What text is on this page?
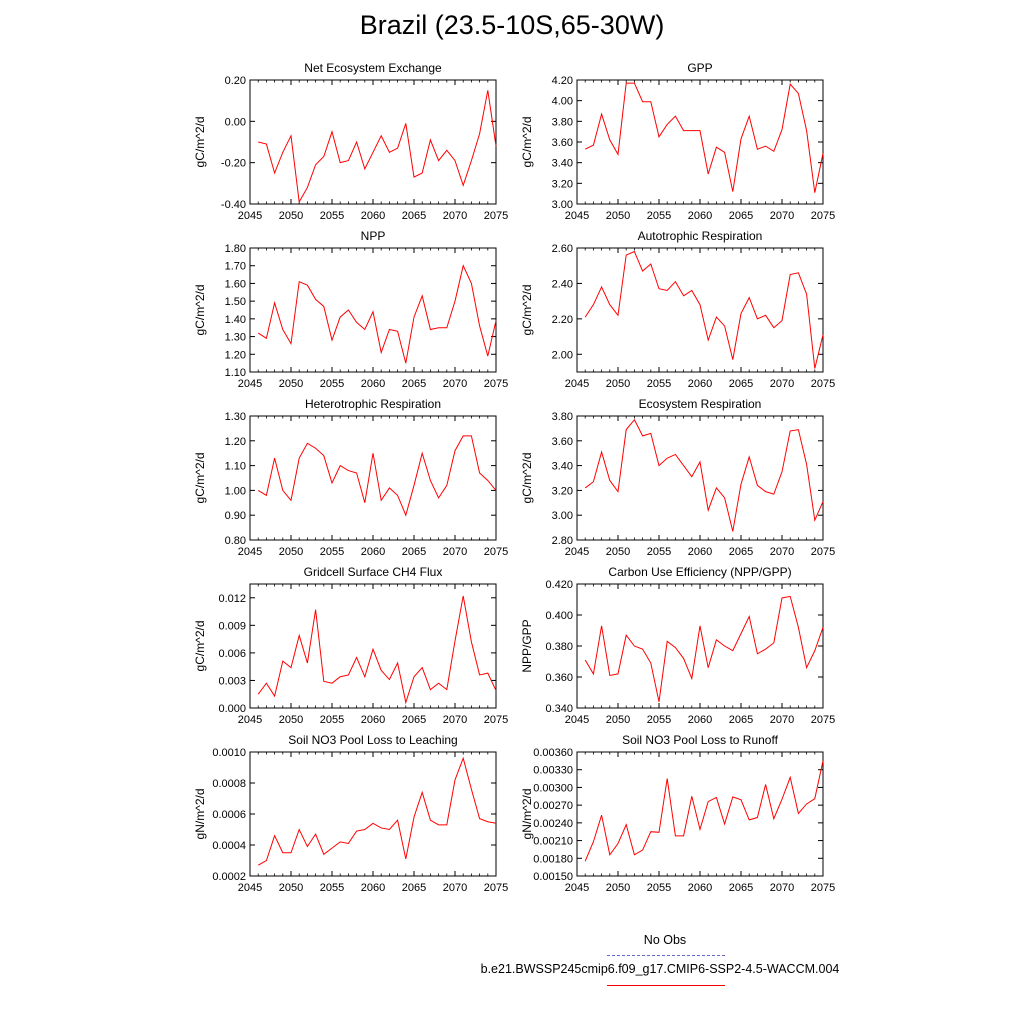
Brazil (23.5-10S,65-30W)
Net Ecosystem Exchange
gC/m^2/d
2045 2050 2055 2060 2065 2070 2075
-0.40
-0.20
0.00
0.20
GPP
gC/m^2/d
2045 2050 2055 2060 2065 2070 2075
3.00
3.20
3.40
3.60
3.80
4.00
4.20
NPP
gC/m^2/d
2045 2050 2055 2060 2065 2070 2075
1.10
1.20
1.30
1.40
1.50
1.60
1.70
1.80
Autotrophic Respiration
gC/m^2/d
2045 2050 2055 2060 2065 2070 2075
2.00
2.20
2.40
2.60
Heterotrophic Respiration
gC/m^2/d
2045 2050 2055 2060 2065 2070 2075
0.80
0.90
1.00
1.10
1.20
1.30
Ecosystem Respiration
gC/m^2/d
2045 2050 2055 2060 2065 2070 2075
2.80
3.00
3.20
3.40
3.60
3.80
Gridcell Surface CH4 Flux
gC/m^2/d
2045 2050 2055 2060 2065 2070 2075
0.000
0.003
0.006
0.009
0.012
Carbon Use Efficiency (NPP/GPP)
NPP/GPP
2045 2050 2055 2060 2065 2070 2075
0.340
0.360
0.380
0.400
0.420
Soil NO3 Pool Loss to Leaching
gN/m^2/d
2045 2050 2055 2060 2065 2070 2075
0.0002
0.0004
0.0006
0.0008
0.0010
Soil NO3 Pool Loss to Runoff
gN/m^2/d
2045 2050 2055 2060 2065 2070 2075
0.00150
0.00180
0.00210
0.00240
0.00270
0.00300
0.00330
0.00360
No Obs
b.e21.BWSSP245cmip6.f09_g17.CMIP6-SSP2-4.5-WACCM.004
